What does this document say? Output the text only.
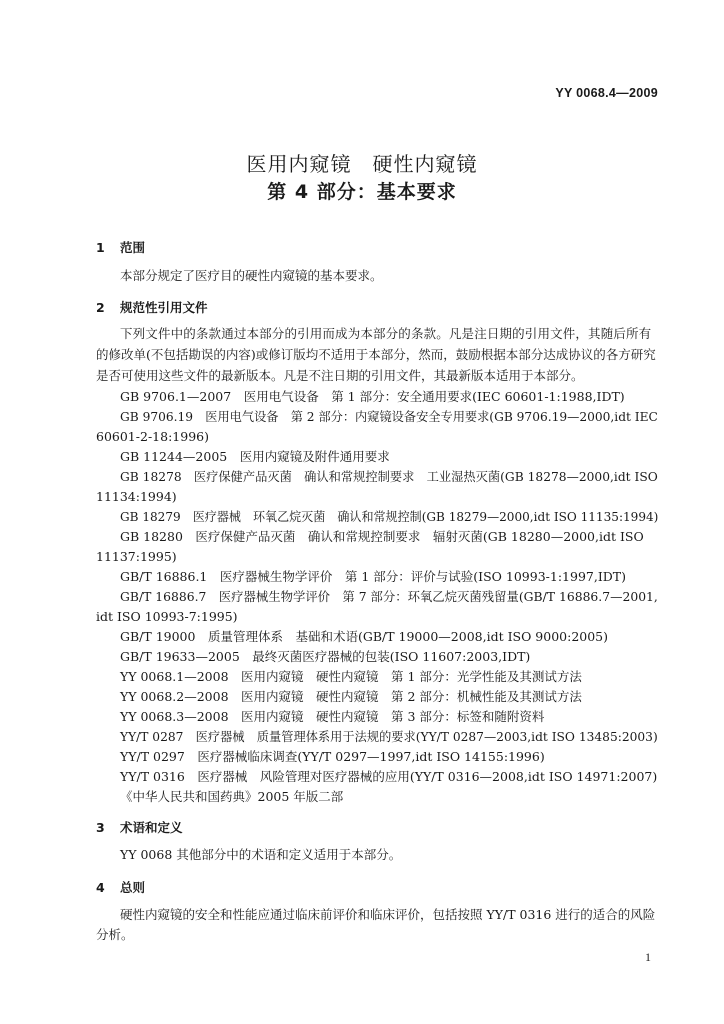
YY 0068.4—2009
医用内窥镜　硬性内窥镜
第 4 部分：基本要求
1 范围
本部分规定了医疗目的硬性内窥镜的基本要求。
2 规范性引用文件
下列文件中的条款通过本部分的引用而成为本部分的条款。凡是注日期的引用文件，其随后所有
的修改单(不包括勘误的内容)或修订版均不适用于本部分，然而，鼓励根据本部分达成协议的各方研究
是否可使用这些文件的最新版本。凡是不注日期的引用文件，其最新版本适用于本部分。
GB 9706.1—2007　医用电气设备　第 1 部分：安全通用要求(IEC 60601-1:1988,IDT)
GB 9706.19　医用电气设备　第 2 部分：内窥镜设备安全专用要求(GB 9706.19—2000,idt IEC
60601-2-18:1996)
GB 11244—2005　医用内窥镜及附件通用要求
GB 18278　医疗保健产品灭菌　确认和常规控制要求　工业湿热灭菌(GB 18278—2000,idt ISO
11134:1994)
GB 18279　医疗器械　环氧乙烷灭菌　确认和常规控制(GB 18279—2000,idt ISO 11135:1994)
GB 18280　医疗保健产品灭菌　确认和常规控制要求　辐射灭菌(GB 18280—2000,idt ISO
11137:1995)
GB/T 16886.1　医疗器械生物学评价　第 1 部分：评价与试验(ISO 10993-1:1997,IDT)
GB/T 16886.7　医疗器械生物学评价　第 7 部分：环氧乙烷灭菌残留量(GB/T 16886.7—2001,
idt ISO 10993-7:1995)
GB/T 19000　质量管理体系　基础和术语(GB/T 19000—2008,idt ISO 9000:2005)
GB/T 19633—2005　最终灭菌医疗器械的包装(ISO 11607:2003,IDT)
YY 0068.1—2008　医用内窥镜　硬性内窥镜　第 1 部分：光学性能及其测试方法
YY 0068.2—2008　医用内窥镜　硬性内窥镜　第 2 部分：机械性能及其测试方法
YY 0068.3—2008　医用内窥镜　硬性内窥镜　第 3 部分：标签和随附资料
YY/T 0287　医疗器械　质量管理体系用于法规的要求(YY/T 0287—2003,idt ISO 13485:2003)
YY/T 0297　医疗器械临床调查(YY/T 0297—1997,idt ISO 14155:1996)
YY/T 0316　医疗器械　风险管理对医疗器械的应用(YY/T 0316—2008,idt ISO 14971:2007)
《中华人民共和国药典》2005 年版二部
3 术语和定义
YY 0068 其他部分中的术语和定义适用于本部分。
4 总则
硬性内窥镜的安全和性能应通过临床前评价和临床评价，包括按照 YY/T 0316 进行的适合的风险
分析。
1
